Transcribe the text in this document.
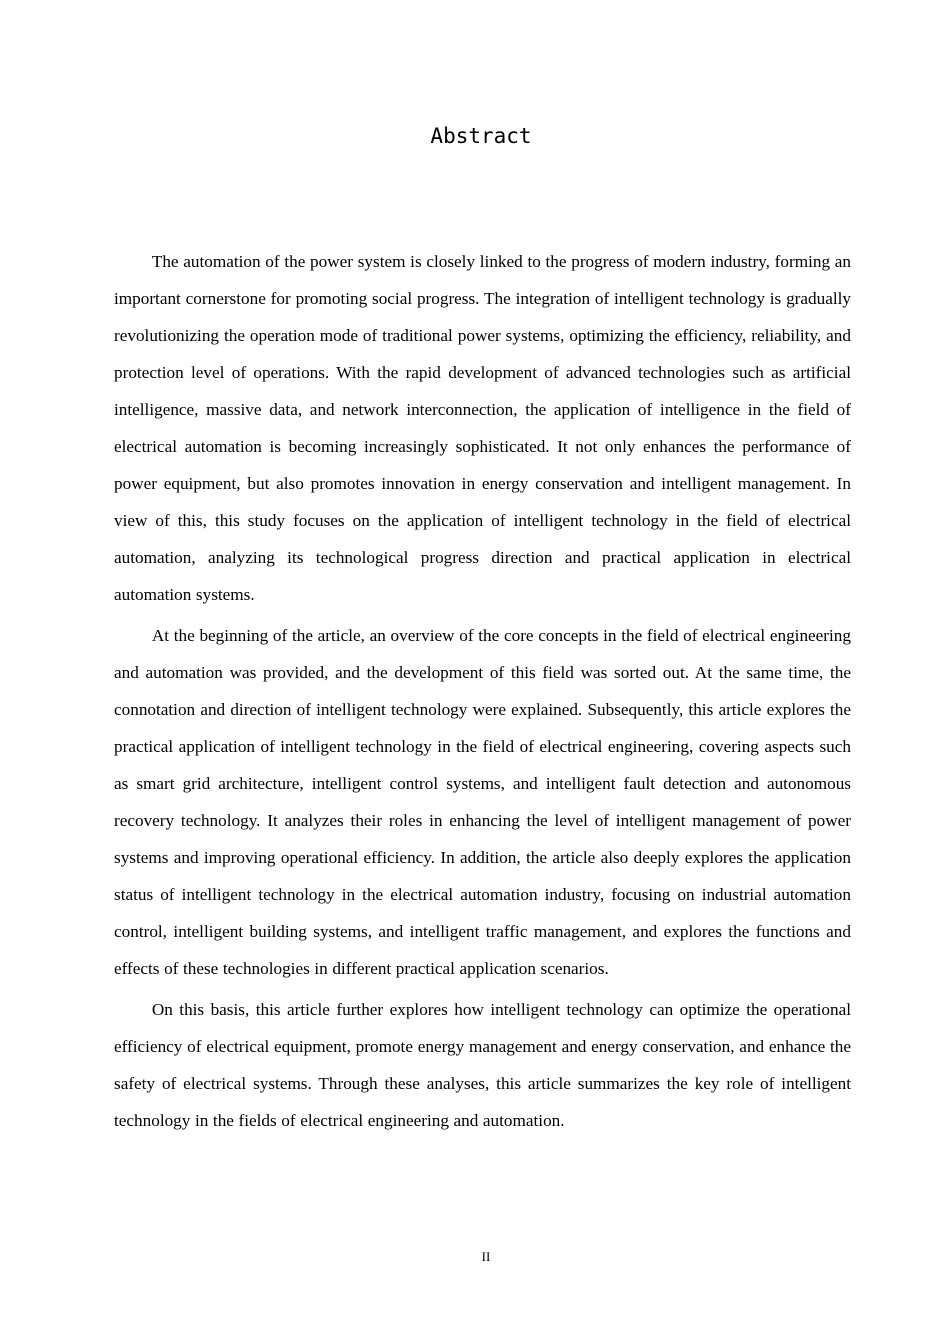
Abstract

The automation of the power system is closely linked to the progress of modern industry, forming an important cornerstone for promoting social progress. The integration of intelligent technology is gradually revolutionizing the operation mode of traditional power systems, optimizing the efficiency, reliability, and protection level of operations. With the rapid development of advanced technologies such as artificial intelligence, massive data, and network interconnection, the application of intelligence in the field of electrical automation is becoming increasingly sophisticated. It not only enhances the performance of power equipment, but also promotes innovation in energy conservation and intelligent management. In view of this, this study focuses on the application of intelligent technology in the field of electrical automation, analyzing its technological progress direction and practical application in electrical automation systems.

At the beginning of the article, an overview of the core concepts in the field of electrical engineering and automation was provided, and the development of this field was sorted out. At the same time, the connotation and direction of intelligent technology were explained. Subsequently, this article explores the practical application of intelligent technology in the field of electrical engineering, covering aspects such as smart grid architecture, intelligent control systems, and intelligent fault detection and autonomous recovery technology. It analyzes their roles in enhancing the level of intelligent management of power systems and improving operational efficiency. In addition, the article also deeply explores the application status of intelligent technology in the electrical automation industry, focusing on industrial automation control, intelligent building systems, and intelligent traffic management, and explores the functions and effects of these technologies in different practical application scenarios.

On this basis, this article further explores how intelligent technology can optimize the operational efficiency of electrical equipment, promote energy management and energy conservation, and enhance the safety of electrical systems. Through these analyses, this article summarizes the key role of intelligent technology in the fields of electrical engineering and automation.

II
